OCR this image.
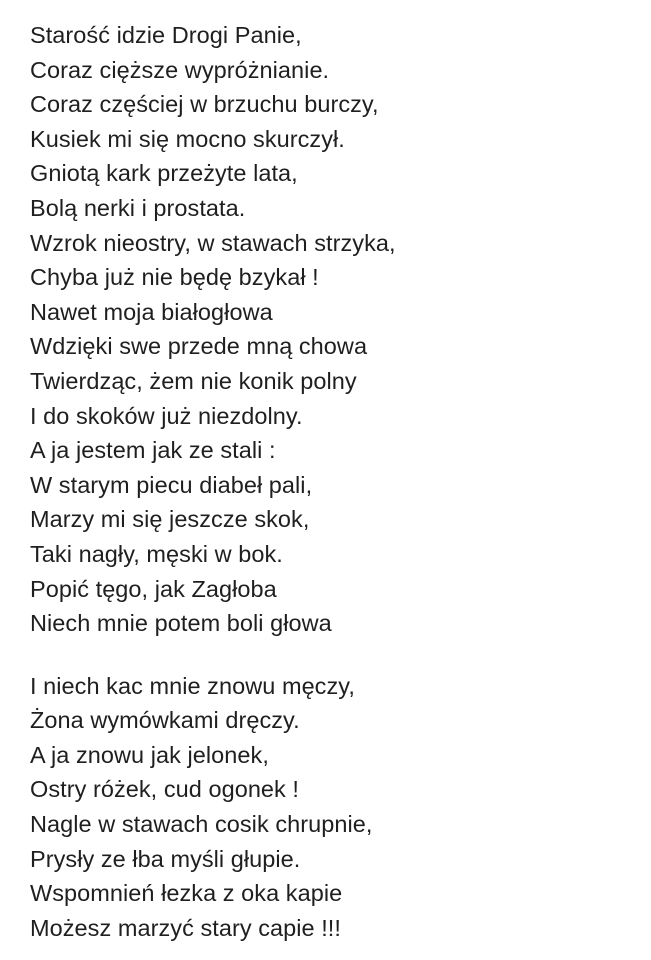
Starość idzie Drogi Panie,
Coraz cięższe wypróżnianie.
Coraz częściej w brzuchu burczy,
Kusiek mi się mocno skurczył.
Gniotą kark przeżyte lata,
Bolą nerki i prostata.
Wzrok nieostry, w stawach strzyka,
Chyba już nie będę bzykał !
Nawet moja białogłowa
Wdzięki swe przede mną chowa
Twierdząc, żem nie konik polny
I do skoków już niezdolny.
A ja jestem jak ze stali :
W starym piecu diabeł pali,
Marzy mi się jeszcze skok,
Taki nagły, męski w bok.
Popić tęgo, jak Zagłoba
Niech mnie potem boli głowa
I niech kac mnie znowu męczy,
Żona wymówkami dręczy.
A ja znowu jak jelonek,
Ostry różek, cud ogonek !
Nagle w stawach cosik chrupnie,
Prysły ze łba myśli głupie.
Wspomnień łezka z oka kapie
Możesz marzyć stary capie !!!
